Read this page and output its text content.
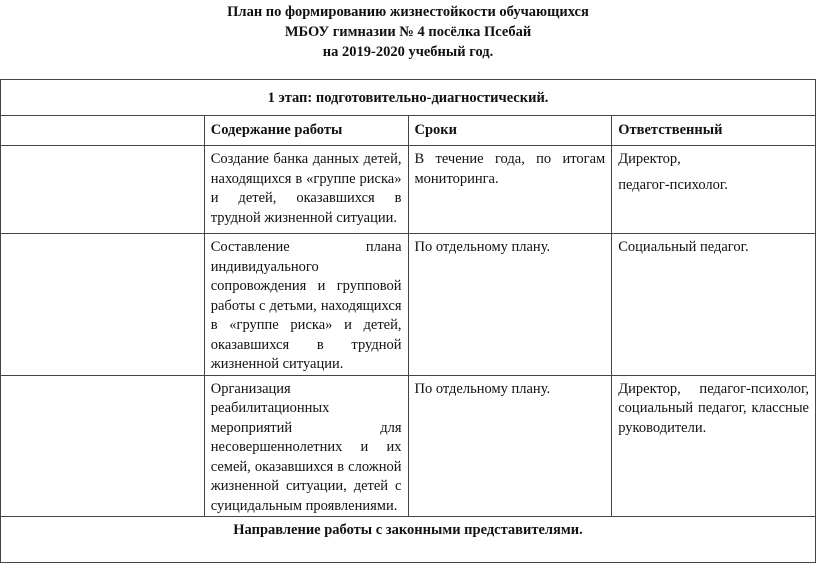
План по формированию жизнестойкости обучающихся
МБОУ гимназии № 4 посёлка Псебай
на 2019-2020 учебный год.
1 этап: подготовительно-диагностический.			
	Содержание работы	Сроки	Ответственный

	Создание банка данных детей, находящихся в «группе риска» и детей, оказавшихся в трудной жизненной ситуации.	В течение года, по итогам мониторинга.	Директор,
педагог-психолог.

	Составление плана индивидуального сопровождения и групповой работы с детьми, находящихся в «группе риска» и детей, оказавшихся в трудной жизненной ситуации.	По отдельному плану.	Социальный педагог.

	Организация реабилитационных мероприятий для несовершеннолетних и их семей, оказавшихся в сложной жизненной ситуации, детей с суицидальным проявлениями.	По отдельному плану.	Директор, педагог-психолог, социальный педагог, классные руководители.

Направление работы с законными представителями.			
